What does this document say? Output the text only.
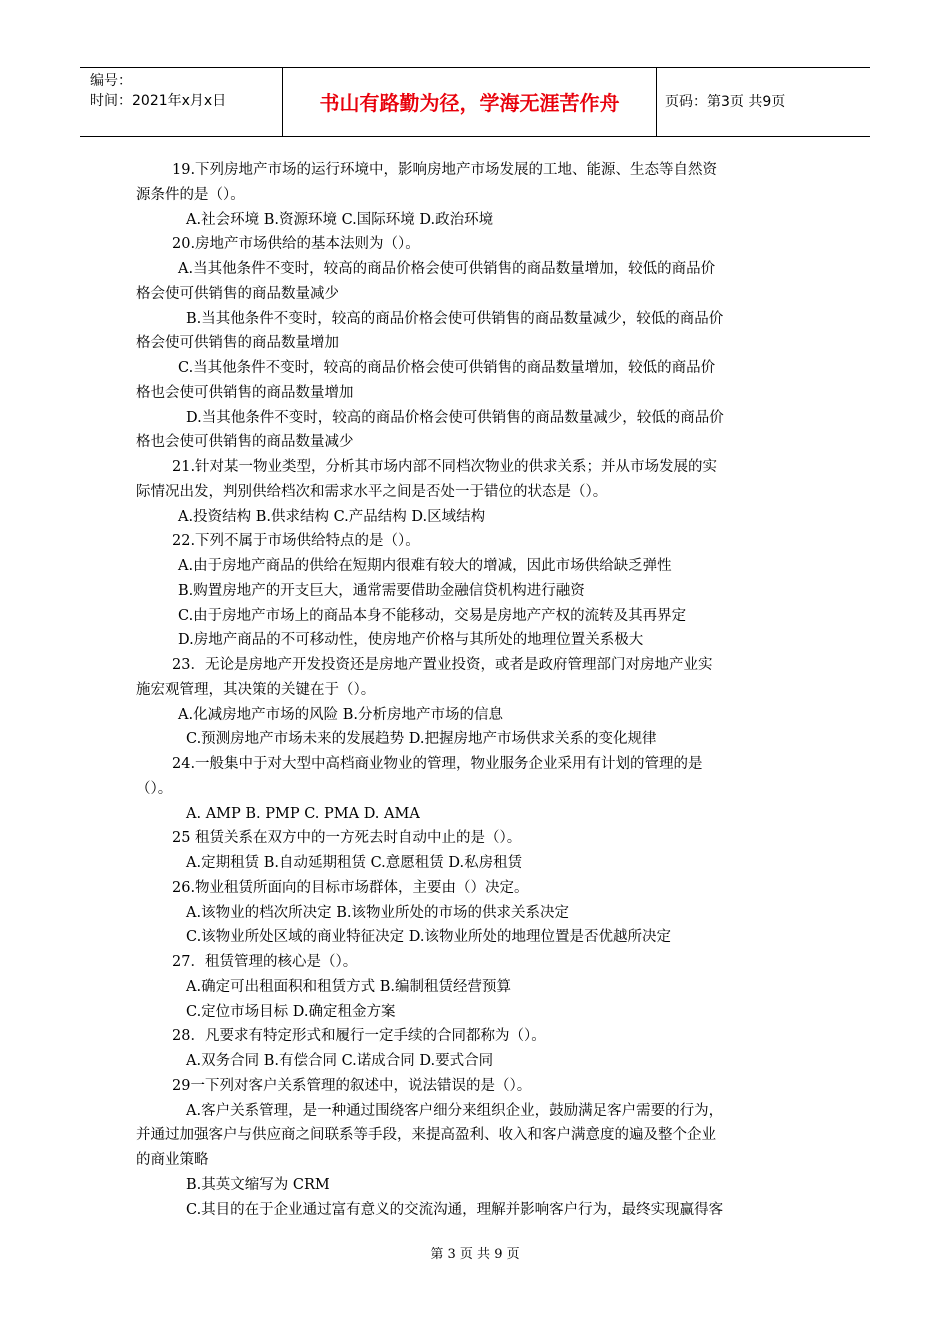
编号：
时间：2021年x月x日	书山有路勤为径，学海无涯苦作舟	页码：第3页 共9页
19.下列房地产市场的运行环境中，影响房地产市场发展的工地、能源、生态等自然资
源条件的是（）。
A.社会环境 B.资源环境 C.国际环境 D.政治环境
20.房地产市场供给的基本法则为（）。
A.当其他条件不变时，较高的商品价格会使可供销售的商品数量增加，较低的商品价
格会使可供销售的商品数量减少
B.当其他条件不变时，较高的商品价格会使可供销售的商品数量减少，较低的商品价
格会使可供销售的商品数量增加
C.当其他条件不变时，较高的商品价格会使可供销售的商品数量增加，较低的商品价
格也会使可供销售的商品数量增加
D.当其他条件不变时，较高的商品价格会使可供销售的商品数量减少，较低的商品价
格也会使可供销售的商品数量减少
21.针对某一物业类型，分析其市场内部不同档次物业的供求关系；并从市场发展的实
际情况出发，判别供给档次和需求水平之间是否处一于错位的状态是（）。
A.投资结构 B.供求结构 C.产品结构 D.区域结构
22.下列不属于市场供给特点的是（）。
A.由于房地产商品的供给在短期内很难有较大的增减，因此市场供给缺乏弹性
B.购置房地产的开支巨大，通常需要借助金融信贷机构进行融资
C.由于房地产市场上的商品本身不能移动，交易是房地产产权的流转及其再界定
D.房地产商品的不可移动性，使房地产价格与其所处的地理位置关系极大
23．无论是房地产开发投资还是房地产置业投资，或者是政府管理部门对房地产业实
施宏观管理，其决策的关键在于（）。
A.化减房地产市场的风险 B.分析房地产市场的信息
C.预测房地产市场未来的发展趋势 D.把握房地产市场供求关系的变化规律
24.一般集中于对大型中高档商业物业的管理，物业服务企业采用有计划的管理的是
（）。
A. AMP B. PMP C. PMA D. AMA
25 租赁关系在双方中的一方死去时自动中止的是（）。
A.定期租赁 B.自动延期租赁 C.意愿租赁 D.私房租赁
26.物业租赁所面向的目标市场群体，主要由（）决定。
A.该物业的档次所决定 B.该物业所处的市场的供求关系决定
C.该物业所处区域的商业特征决定 D.该物业所处的地理位置是否优越所决定
27．租赁管理的核心是（）。
A.确定可出租面积和租赁方式 B.编制租赁经营预算
C.定位市场目标 D.确定租金方案
28．凡要求有特定形式和履行一定手续的合同都称为（）。
A.双务合同 B.有偿合同 C.诺成合同 D.要式合同
29一下列对客户关系管理的叙述中，说法错误的是（）。
A.客户关系管理，是一种通过围绕客户细分来组织企业，鼓励满足客户需要的行为，
并通过加强客户与供应商之间联系等手段，来提高盈利、收入和客户满意度的遍及整个企业
的商业策略
B.其英文缩写为 CRM
C.其目的在于企业通过富有意义的交流沟通，理解并影响客户行为，最终实现赢得客
第 3 页 共 9 页
